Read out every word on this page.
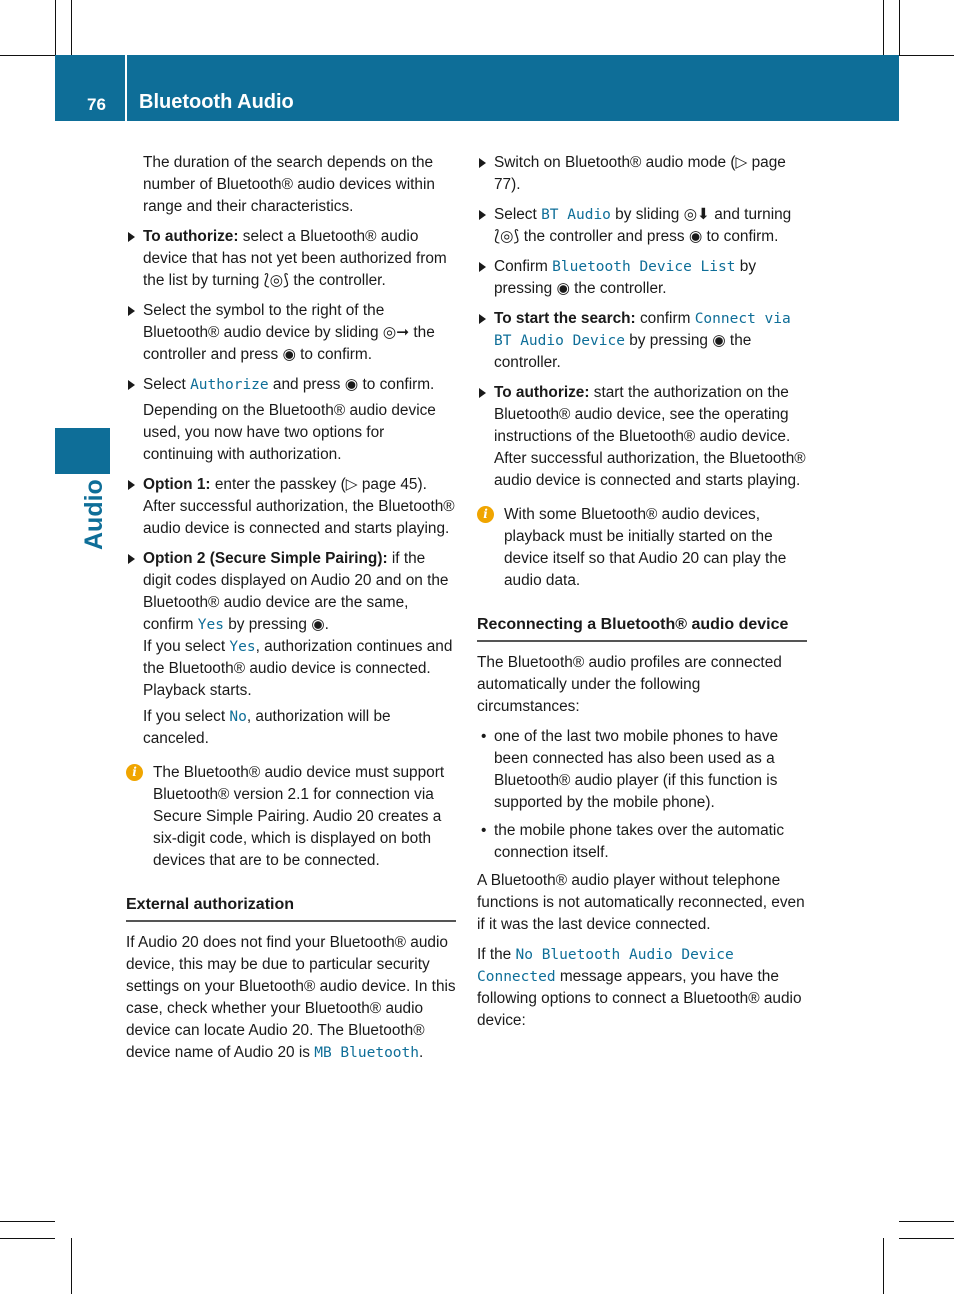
76 Bluetooth Audio
Audio

The duration of the search depends on the number of Bluetooth® audio devices within range and their characteristics.

To authorize: select a Bluetooth® audio device that has not yet been authorized from the list by turning ⟅◎⟆ the controller.
Select the symbol to the right of the Bluetooth® audio device by sliding ◎➞ the controller and press ◉ to confirm.
Select Authorize and press ◉ to confirm.
Depending on the Bluetooth® audio device used, you now have two options for continuing with authorization.
Option 1: enter the passkey (▷ page 45).
After successful authorization, the Bluetooth® audio device is connected and starts playing.
Option 2 (Secure Simple Pairing): if the digit codes displayed on Audio 20 and on the Bluetooth® audio device are the same, confirm Yes by pressing ◉.
If you select Yes, authorization continues and the Bluetooth® audio device is connected. Playback starts.
If you select No, authorization will be canceled.
i	The Bluetooth® audio device must support Bluetooth® version 2.1 for connection via Secure Simple Pairing. Audio 20 creates a six-digit code, which is displayed on both devices that are to be connected.
External authorization

If Audio 20 does not find your Bluetooth® audio device, this may be due to particular security settings on your Bluetooth® audio device. In this case, check whether your Bluetooth® audio device can locate Audio 20. The Bluetooth® device name of Audio 20 is MB Bluetooth.

Switch on Bluetooth® audio mode (▷ page 77).
Select BT Audio by sliding ◎⬇ and turning ⟅◎⟆ the controller and press ◉ to confirm.
Confirm Bluetooth Device List by pressing ◉ the controller.
To start the search: confirm Connect via BT Audio Device by pressing ◉ the controller.
To authorize: start the authorization on the Bluetooth® audio device, see the operating instructions of the Bluetooth® audio device.
After successful authorization, the Bluetooth® audio device is connected and starts playing.
i	With some Bluetooth® audio devices, playback must be initially started on the device itself so that Audio 20 can play the audio data.
Reconnecting a Bluetooth® audio device

The Bluetooth® audio profiles are connected automatically under the following circumstances:

• one of the last two mobile phones to have been connected has also been used as a Bluetooth® audio player (if this function is supported by the mobile phone).
• the mobile phone takes over the automatic connection itself.

A Bluetooth® audio player without telephone functions is not automatically reconnected, even if it was the last device connected.

If the No Bluetooth Audio Device Connected message appears, you have the following options to connect a Bluetooth® audio device:
